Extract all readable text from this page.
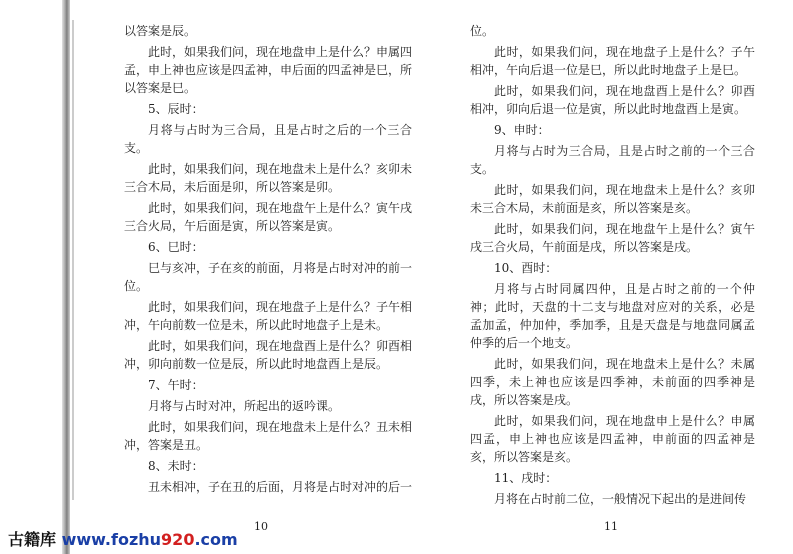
以答案是辰。

此时，如果我们问，现在地盘申上是什么？申属四孟，申上神也应该是四孟神，申后面的四孟神是巳，所以答案是巳。

5、辰时：

月将与占时为三合局，且是占时之后的一个三合支。

此时，如果我们问，现在地盘未上是什么？亥卯未三合木局，未后面是卯，所以答案是卯。

此时，如果我们问，现在地盘午上是什么？寅午戌三合火局，午后面是寅，所以答案是寅。

6、巳时：

巳与亥冲，子在亥的前面，月将是占时对冲的前一位。

此时，如果我们问，现在地盘子上是什么？子午相冲，午向前数一位是未，所以此时地盘子上是未。

此时，如果我们问，现在地盘酉上是什么？卯酉相冲，卯向前数一位是辰，所以此时地盘酉上是辰。

7、午时：

月将与占时对冲，所起出的返吟课。

此时，如果我们问，现在地盘未上是什么？丑未相冲，答案是丑。

8、未时：

丑未相冲，子在丑的后面，月将是占时对冲的后一

位。

此时，如果我们问，现在地盘子上是什么？子午相冲，午向后退一位是巳，所以此时地盘子上是巳。

此时，如果我们问，现在地盘酉上是什么？卯酉相冲，卯向后退一位是寅，所以此时地盘酉上是寅。

9、申时：

月将与占时为三合局，且是占时之前的一个三合支。

此时，如果我们问，现在地盘未上是什么？亥卯未三合木局，未前面是亥，所以答案是亥。

此时，如果我们问，现在地盘午上是什么？寅午戌三合火局，午前面是戌，所以答案是戌。

10、酉时：

月将与占时同属四仲，且是占时之前的一个仲神；此时，天盘的十二支与地盘对应对的关系，必是孟加孟，仲加仲，季加季，且是天盘是与地盘同属孟仲季的后一个地支。

此时，如果我们问，现在地盘未上是什么？未属四季，未上神也应该是四季神，未前面的四季神是戌，所以答案是戌。

此时，如果我们问，现在地盘申上是什么？申属四孟，申上神也应该是四孟神，申前面的四孟神是亥，所以答案是亥。

11、戌时：

月将在占时前二位，一般情况下起出的是进间传

10	11
古籍库 www.fozhu920.com
